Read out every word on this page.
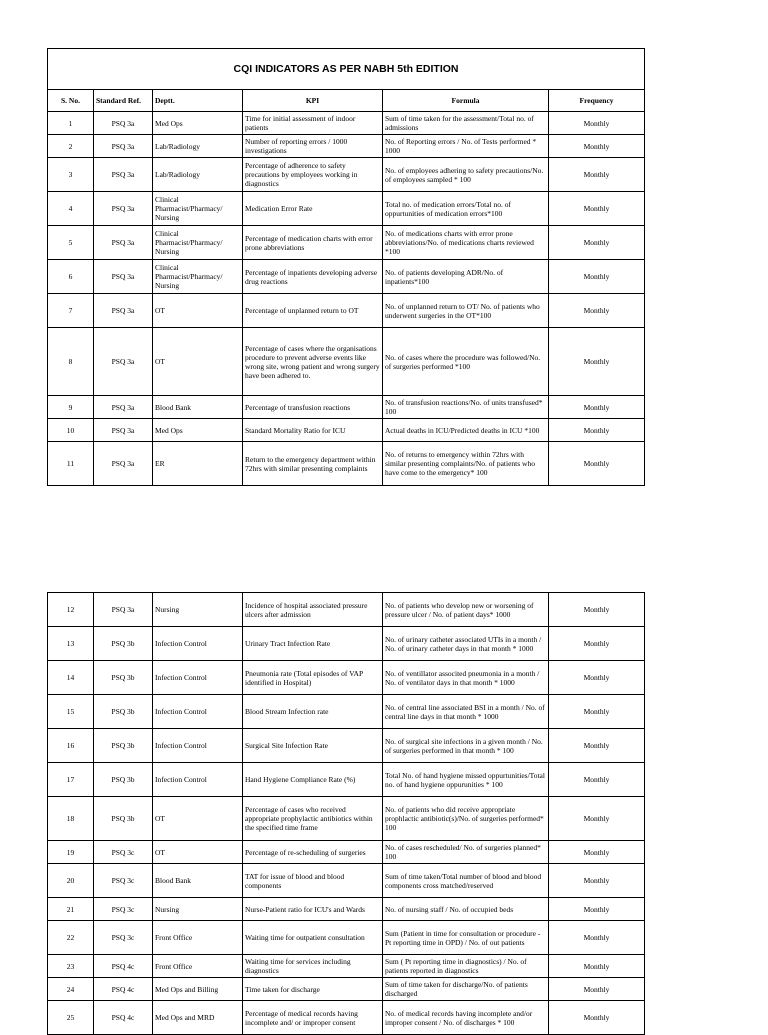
CQI INDICATORS AS PER NABH 5th EDITION					
S. No.	Standard Ref.	Deptt.	KPI	Formula	Frequency
1	PSQ 3a	Med Ops	Time for initial assessment of indoor patients	Sum of time taken for the assessment/Total no. of admissions	Monthly
2	PSQ 3a	Lab/Radiology	Number of reporting errors / 1000 investigations	No. of Reporting errors / No. of Tests performed * 1000	Monthly
3	PSQ 3a	Lab/Radiology	Percentage of adherence to safety precautions by employees working in diagnostics	No. of employees adhering to safety precautions/No. of employees sampled * 100	Monthly
4	PSQ 3a	Clinical Pharmacist/Pharmacy/ Nursing	Medication Error Rate	Total no. of medication errors/Total no. of oppurtunities of medication errors*100	Monthly
5	PSQ 3a	Clinical Pharmacist/Pharmacy/ Nursing	Percentage of medication charts with error prone abbreviations	No. of medications charts with error prone abbreviations/No. of medications charts reviewed *100	Monthly
6	PSQ 3a	Clinical Pharmacist/Pharmacy/ Nursing	Percentage of inpatients developing adverse drug reactions	No. of patients developing ADR/No. of inpatients*100	Monthly
7	PSQ 3a	OT	Percentage of unplanned return to OT	No. of unplanned return to OT/ No. of patients who underwent surgeries in the OT*100	Monthly
8	PSQ 3a	OT	Percentage of cases where the organisations procedure to prevent adverse events like wrong site, wrong patient and wrong surgery have been adhered to.	No. of cases where the procedure was followed/No. of surgeries performed *100	Monthly
9	PSQ 3a	Blood Bank	Percentage of transfusion reactions	No. of transfusion reactions/No. of units transfused* 100	Monthly
10	PSQ 3a	Med Ops	Standard Mortality Ratio for ICU	Actual deaths in ICU/Predicted deaths in ICU *100	Monthly
11	PSQ 3a	ER	Return to the emergency department within 72hrs with similar presenting complaints	No. of returns to emergency within 72hrs with similar presenting complaints/No. of patients who have come to the emergency* 100	Monthly
12	PSQ 3a	Nursing	Incidence of hospital associated pressure ulcers after admission	No. of patients who develop new or worsening of pressure ulcer / No. of patient days* 1000	Monthly
13	PSQ 3b	Infection Control	Urinary Tract Infection Rate	No. of urinary catheter associated UTIs in a month / No. of urinary catheter days in that month * 1000	Monthly
14	PSQ 3b	Infection Control	Pneumonia rate (Total episodes of VAP identified in Hospital)	No. of ventillator associted pneumonia in a month / No. of ventilator days in that month * 1000	Monthly
15	PSQ 3b	Infection Control	Blood Stream Infection rate	No. of central line associated BSI in a month / No. of central line days in that month * 1000	Monthly
16	PSQ 3b	Infection Control	Surgical Site Infection Rate	No. of surgical site infections in a given month / No. of surgeries performed in that month * 100	Monthly
17	PSQ 3b	Infection Control	Hand Hygiene Compliance Rate (%)	Total No. of hand hygiene missed oppurtunities/Total no. of hand hygiene oppurunities * 100	Monthly
18	PSQ 3b	OT	Percentage of cases who received appropriate prophylactic antibiotics within the specified time frame	No. of patients who did receive appropriate prophlactic antibiotic(s)/No. of surgeries performed* 100	Monthly
19	PSQ 3c	OT	Percentage of re-scheduling of surgeries	No. of cases rescheduled/ No. of surgeries planned* 100	Monthly
20	PSQ 3c	Blood Bank	TAT for issue of blood and blood components	Sum of time taken/Total number of blood and blood components cross matched/reserved	Monthly
21	PSQ 3c	Nursing	Nurse-Patient ratio for ICU's and Wards	No. of nursing staff / No. of occupied beds	Monthly
22	PSQ 3c	Front Office	Waiting time for outpatient consultation	Sum (Patient in time for consultation or procedure - Pt reporting time in OPD) / No. of out patients	Monthly
23	PSQ 4c	Front Office	Waiting time for services including diagnostics	Sum ( Pt reporting time in diagnostics) / No. of patients reported in diagnostics	Monthly
24	PSQ 4c	Med Ops and Billing	Time taken for discharge	Sum of time taken for discharge/No. of patients discharged	Monthly
25	PSQ 4c	Med Ops and MRD	Percentage of medical records having incomplete and/ or improper consent	No. of medical records having incomplete and/or improper consent / No. of discharges * 100	Monthly
